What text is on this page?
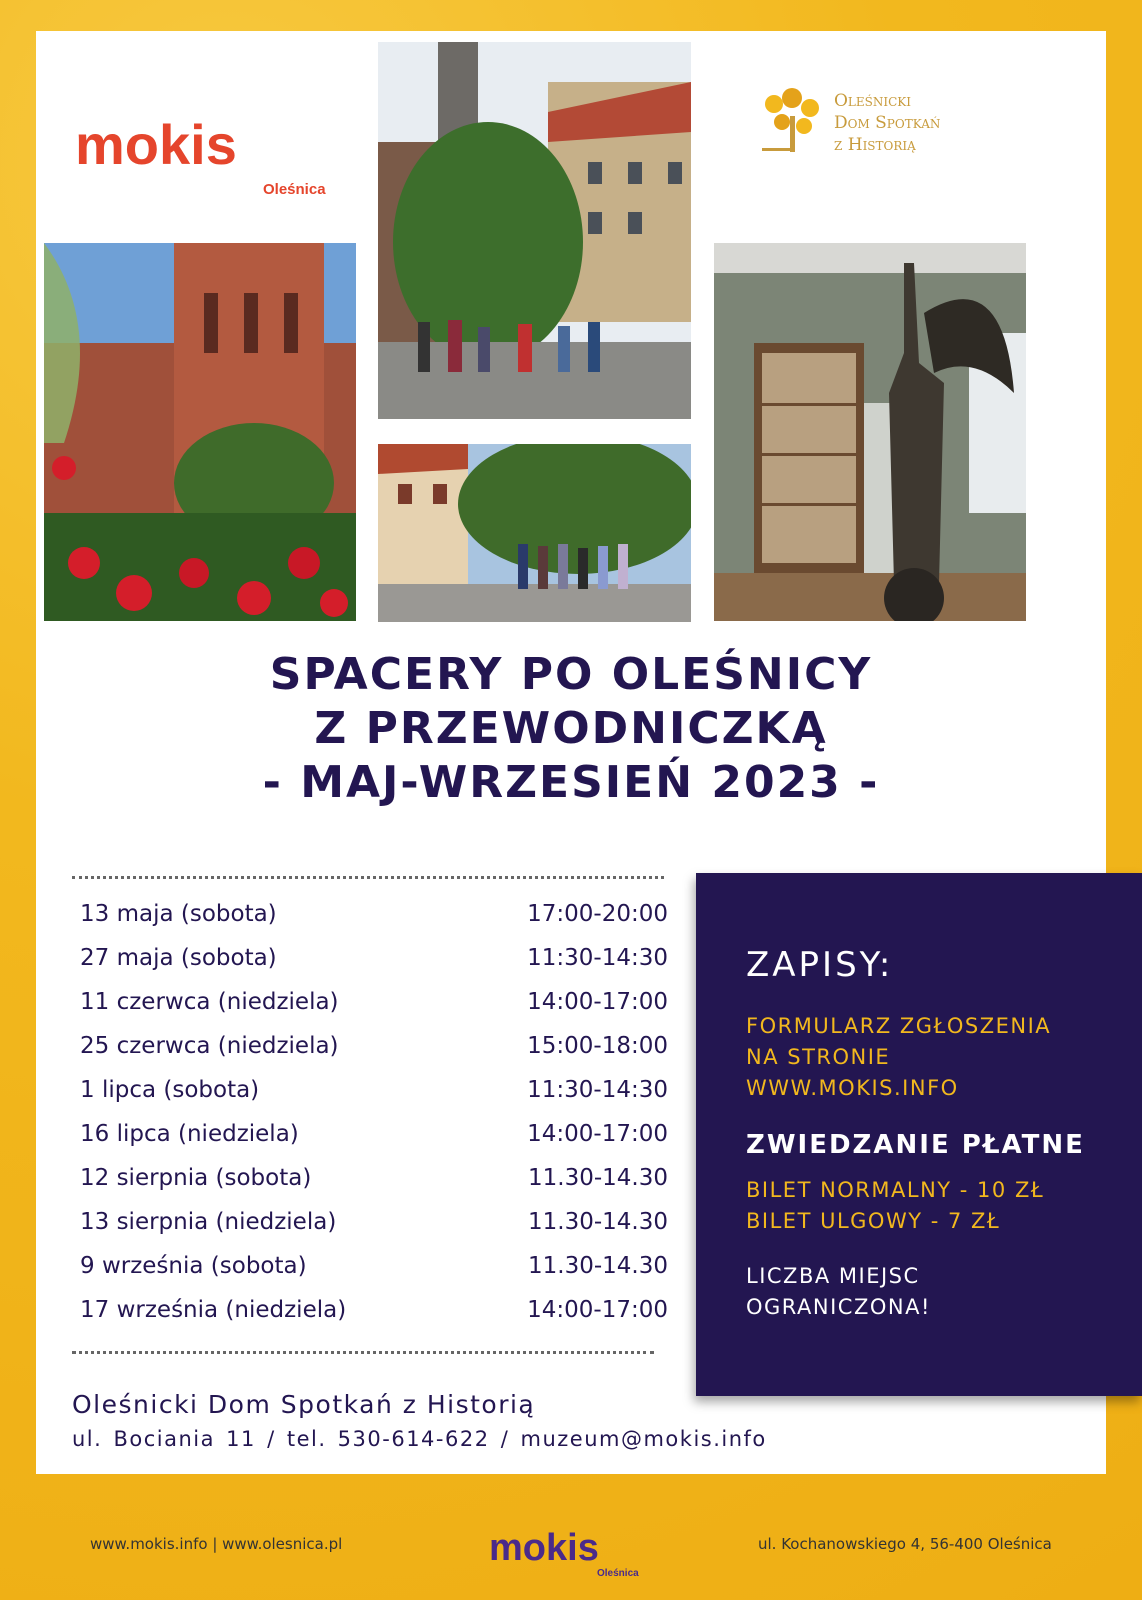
mokis
Oleśnica
Oleśnicki
Dom Spotkań
z Historią
SPACERY PO OLEŚNICY
Z PRZEWODNICZKĄ
- MAJ-WRZESIEŃ 2023 -
13 maja (sobota)	17:00-20:00
27 maja (sobota)	11:30-14:30
11 czerwca (niedziela)	14:00-17:00
25 czerwca (niedziela)	15:00-18:00
1 lipca (sobota)	11:30-14:30
16 lipca (niedziela)	14:00-17:00
12 sierpnia (sobota)	11.30-14.30
13 sierpnia (niedziela)	11.30-14.30
9 września (sobota)	11.30-14.30
17 września (niedziela)	14:00-17:00
ZAPISY:
FORMULARZ ZGŁOSZENIA
NA STRONIE
WWW.MOKIS.INFO
ZWIEDZANIE PŁATNE
BILET NORMALNY - 10 ZŁ
BILET ULGOWY - 7 ZŁ
LICZBA MIEJSC
OGRANICZONA!
Oleśnicki Dom Spotkań z Historią
ul. Bociania 11 / tel. 530-614-622 / muzeum@mokis.info
www.mokis.info | www.olesnica.pl	mokis
Oleśnica
ul. Kochanowskiego 4, 56-400 Oleśnica
